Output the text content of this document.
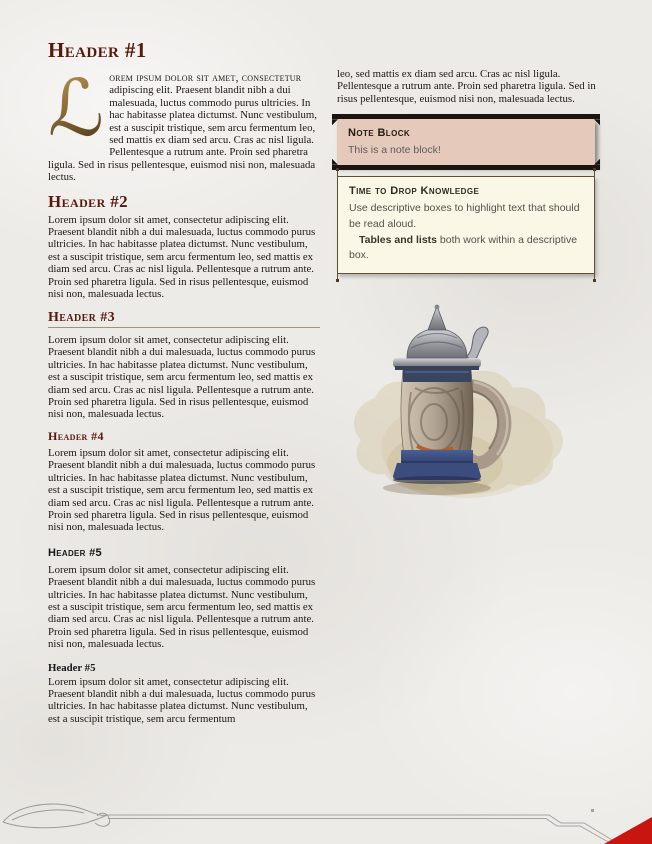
Header #1

ℒ orem ipsum dolor sit amet, consectetur adipiscing elit. Praesent blandit nibh a dui malesuada, luctus commodo purus ultricies. In hac habitasse platea dictumst. Nunc vestibulum, est a suscipit tristique, sem arcu fermentum leo, sed mattis ex diam sed arcu. Cras ac nisl ligula. Pellentesque a rutrum ante. Proin sed pharetra ligula. Sed in risus pellentesque, euismod nisi non, malesuada lectus.

Header #2

Lorem ipsum dolor sit amet, consectetur adipiscing elit. Praesent blandit nibh a dui malesuada, luctus commodo purus ultricies. In hac habitasse platea dictumst. Nunc vestibulum, est a suscipit tristique, sem arcu fermentum leo, sed mattis ex diam sed arcu. Cras ac nisl ligula. Pellentesque a rutrum ante. Proin sed pharetra ligula. Sed in risus pellentesque, euismod nisi non, malesuada lectus.

Header #3

Lorem ipsum dolor sit amet, consectetur adipiscing elit. Praesent blandit nibh a dui malesuada, luctus commodo purus ultricies. In hac habitasse platea dictumst. Nunc vestibulum, est a suscipit tristique, sem arcu fermentum leo, sed mattis ex diam sed arcu. Cras ac nisl ligula. Pellentesque a rutrum ante. Proin sed pharetra ligula. Sed in risus pellentesque, euismod nisi non, malesuada lectus.

Header #4

Lorem ipsum dolor sit amet, consectetur adipiscing elit. Praesent blandit nibh a dui malesuada, luctus commodo purus ultricies. In hac habitasse platea dictumst. Nunc vestibulum, est a suscipit tristique, sem arcu fermentum leo, sed mattis ex diam sed arcu. Cras ac nisl ligula. Pellentesque a rutrum ante. Proin sed pharetra ligula. Sed in risus pellentesque, euismod nisi non, malesuada lectus.

Header #5

Lorem ipsum dolor sit amet, consectetur adipiscing elit. Praesent blandit nibh a dui malesuada, luctus commodo purus ultricies. In hac habitasse platea dictumst. Nunc vestibulum, est a suscipit tristique, sem arcu fermentum leo, sed mattis ex diam sed arcu. Cras ac nisl ligula. Pellentesque a rutrum ante. Proin sed pharetra ligula. Sed in risus pellentesque, euismod nisi non, malesuada lectus.

Header #5

Lorem ipsum dolor sit amet, consectetur adipiscing elit. Praesent blandit nibh a dui malesuada, luctus commodo purus ultricies. In hac habitasse platea dictumst. Nunc vestibulum, est a suscipit tristique, sem arcu fermentum

leo, sed mattis ex diam sed arcu. Cras ac nisl ligula. Pellentesque a rutrum ante. Proin sed pharetra ligula. Sed in risus pellentesque, euismod nisi non, malesuada lectus.

Note Block
This is a note block!
Time to Drop Knowledge
Use descriptive boxes to highlight text that should be read aloud.
Tables and lists both work within a descriptive box.
